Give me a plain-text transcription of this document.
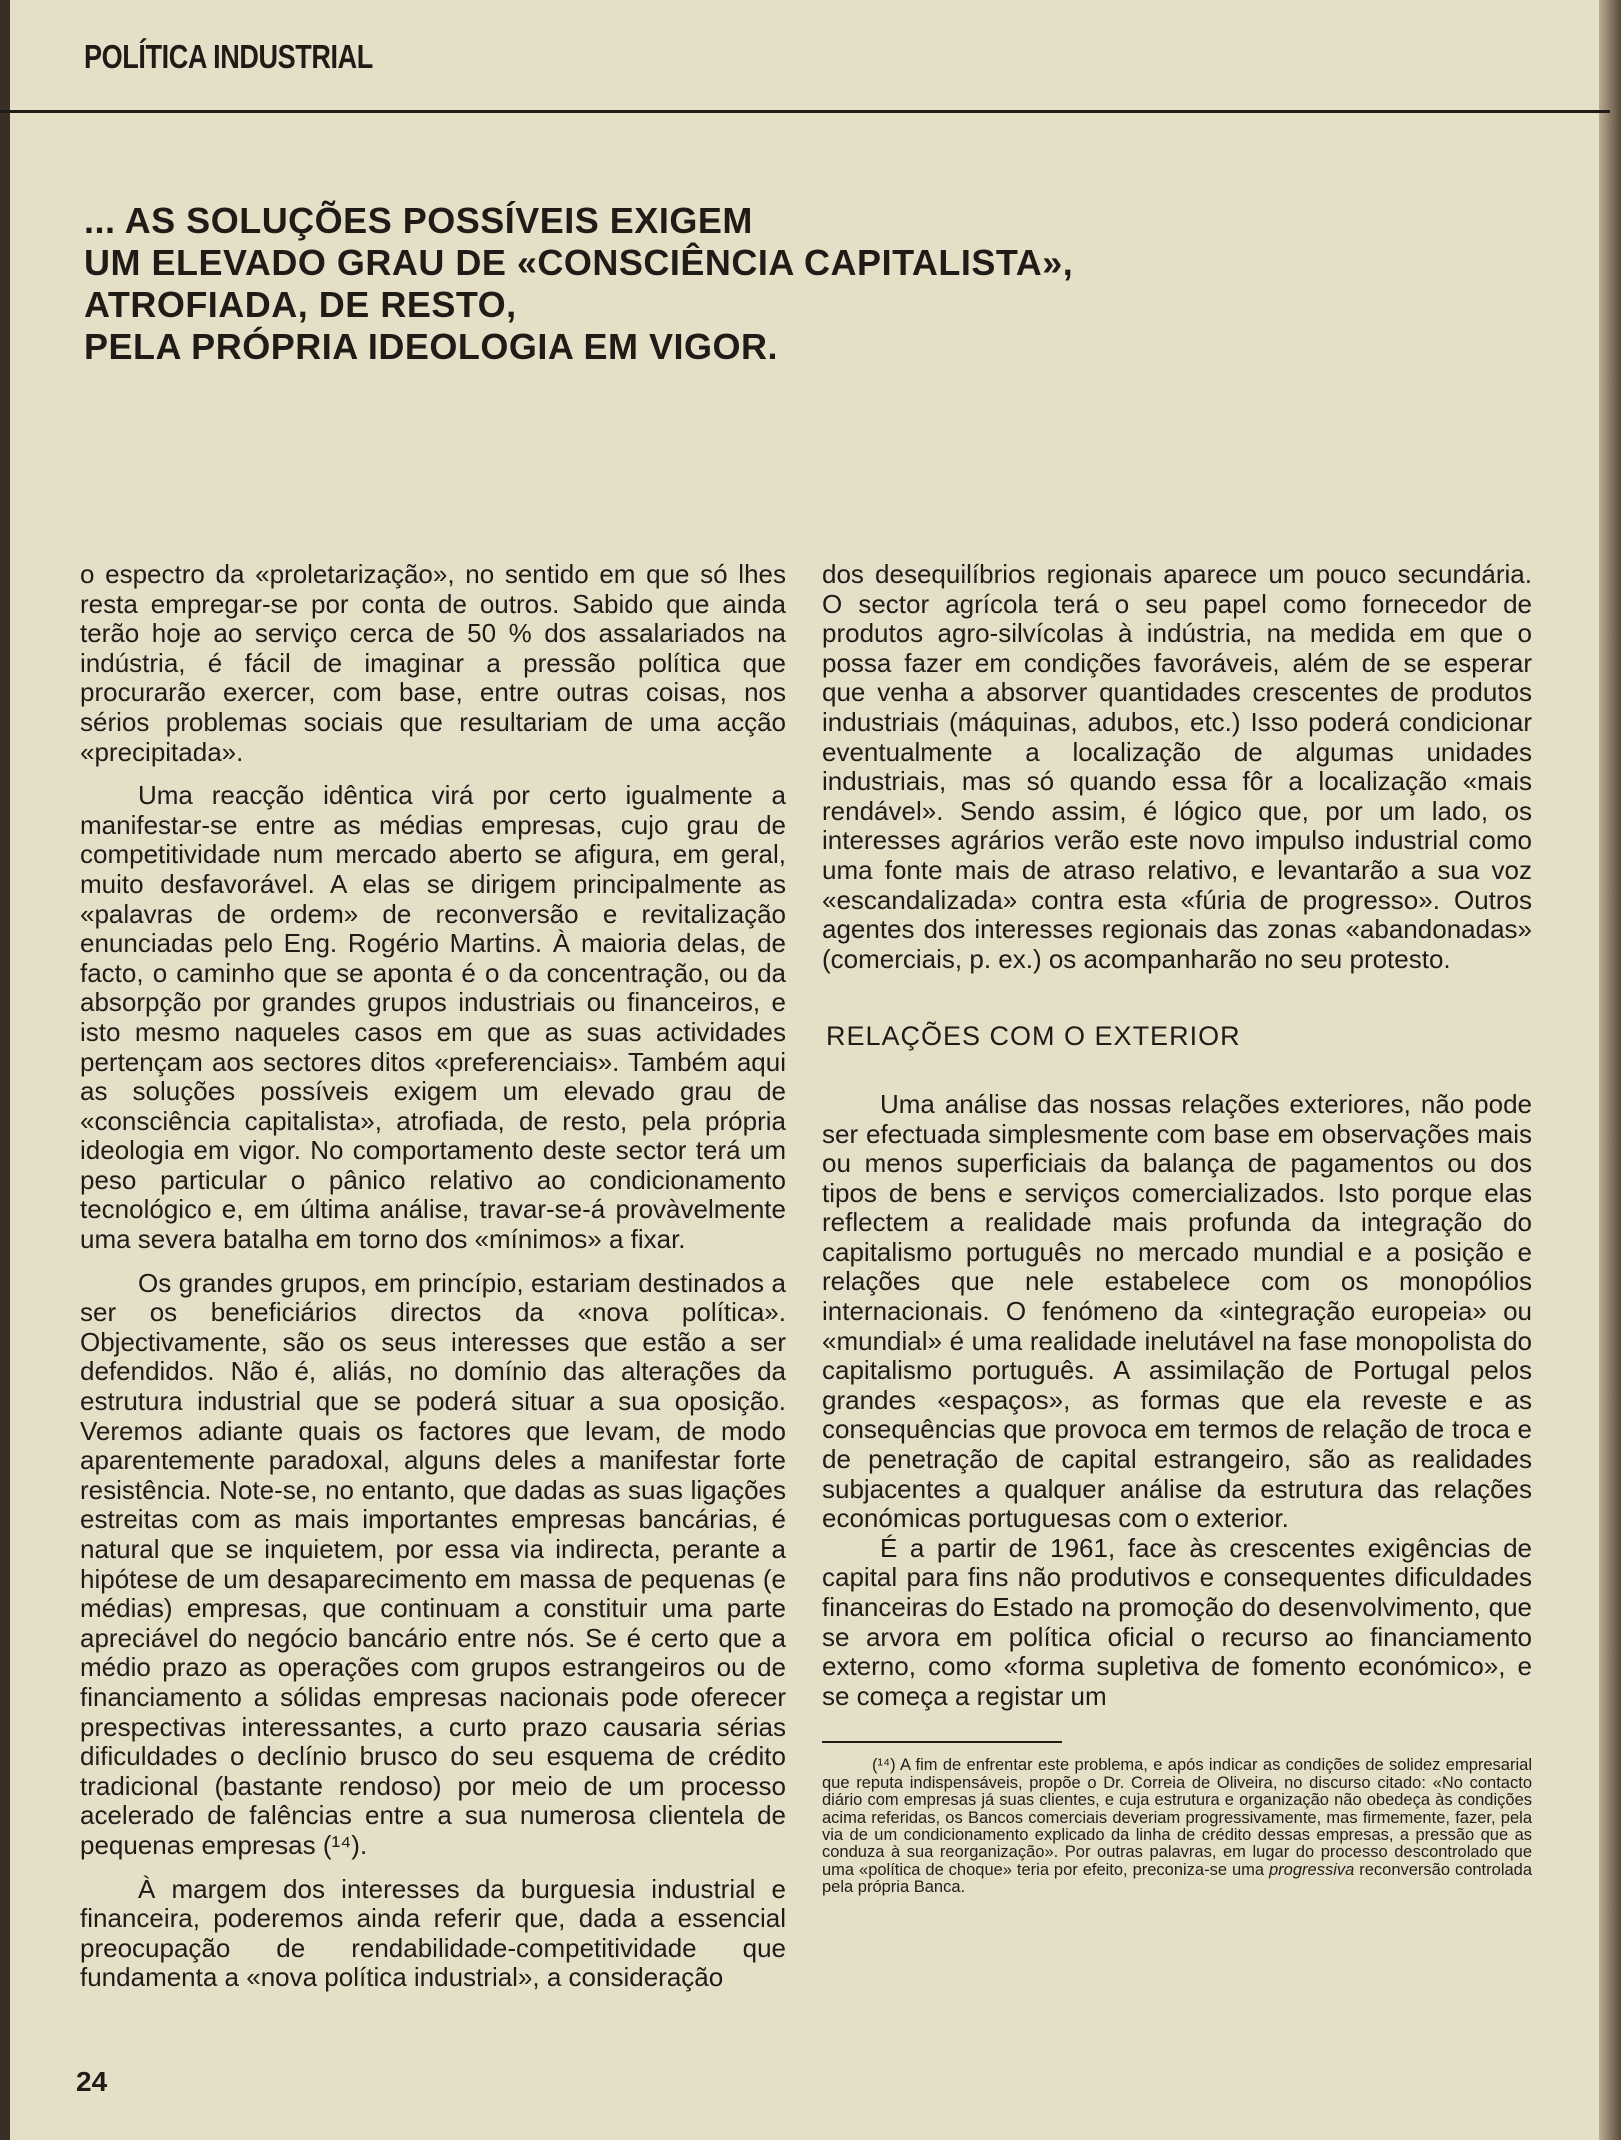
POLÍTICA INDUSTRIAL
... AS SOLUÇÕES POSSÍVEIS EXIGEM
UM ELEVADO GRAU DE «CONSCIÊNCIA CAPITALISTA»,
ATROFIADA, DE RESTO,
PELA PRÓPRIA IDEOLOGIA EM VIGOR.

o espectro da «proletarização», no sentido em que só lhes resta empregar-se por conta de outros. Sabido que ainda terão hoje ao serviço cerca de 50 % dos assalariados na indústria, é fácil de imaginar a pressão política que procurarão exercer, com base, entre outras coisas, nos sérios problemas sociais que resultariam de uma acção «precipitada».

Uma reacção idêntica virá por certo igualmente a manifestar-se entre as médias empresas, cujo grau de competitividade num mercado aberto se afigura, em geral, muito desfavorável. A elas se dirigem principalmente as «palavras de ordem» de reconversão e revitalização enunciadas pelo Eng. Rogério Martins. À maioria delas, de facto, o caminho que se aponta é o da concentração, ou da absorpção por grandes grupos industriais ou financeiros, e isto mesmo naqueles casos em que as suas actividades pertençam aos sectores ditos «preferenciais». Também aqui as soluções possíveis exigem um elevado grau de «consciência capitalista», atrofiada, de resto, pela própria ideologia em vigor. No comportamento deste sector terá um peso particular o pânico relativo ao condicionamento tecnológico e, em última análise, travar-se-á provàvelmente uma severa batalha em torno dos «mínimos» a fixar.

Os grandes grupos, em princípio, estariam destinados a ser os beneficiários directos da «nova política». Objectivamente, são os seus interesses que estão a ser defendidos. Não é, aliás, no domínio das alterações da estrutura industrial que se poderá situar a sua oposição. Veremos adiante quais os factores que levam, de modo aparentemente paradoxal, alguns deles a manifestar forte resistência. Note-se, no entanto, que dadas as suas ligações estreitas com as mais importantes empresas bancárias, é natural que se inquietem, por essa via indirecta, perante a hipótese de um desaparecimento em massa de pequenas (e médias) empresas, que continuam a constituir uma parte apreciável do negócio bancário entre nós. Se é certo que a médio prazo as operações com grupos estrangeiros ou de financiamento a sólidas empresas nacionais pode oferecer prespectivas interessantes, a curto prazo causaria sérias dificuldades o declínio brusco do seu esquema de crédito tradicional (bastante rendoso) por meio de um processo acelerado de falências entre a sua numerosa clientela de pequenas empresas (¹⁴).

À margem dos interesses da burguesia industrial e financeira, poderemos ainda referir que, dada a essencial preocupação de rendabilidade-competitividade que fundamenta a «nova política industrial», a consideração

dos desequilíbrios regionais aparece um pouco secundária. O sector agrícola terá o seu papel como fornecedor de produtos agro-silvícolas à indústria, na medida em que o possa fazer em condições favoráveis, além de se esperar que venha a absorver quantidades crescentes de produtos industriais (máquinas, adubos, etc.) Isso poderá condicionar eventualmente a localização de algumas unidades industriais, mas só quando essa fôr a localização «mais rendável». Sendo assim, é lógico que, por um lado, os interesses agrários verão este novo impulso industrial como uma fonte mais de atraso relativo, e levantarão a sua voz «escandalizada» contra esta «fúria de progresso». Outros agentes dos interesses regionais das zonas «abandonadas» (comerciais, p. ex.) os acompanharão no seu protesto.

RELAÇÕES COM O EXTERIOR

Uma análise das nossas relações exteriores, não pode ser efectuada simplesmente com base em observações mais ou menos superficiais da balança de pagamentos ou dos tipos de bens e serviços comercializados. Isto porque elas reflectem a realidade mais profunda da integração do capitalismo português no mercado mundial e a posição e relações que nele estabelece com os monopólios internacionais. O fenómeno da «integração europeia» ou «mundial» é uma realidade inelutável na fase monopolista do capitalismo português. A assimilação de Portugal pelos grandes «espaços», as formas que ela reveste e as consequências que provoca em termos de relação de troca e de penetração de capital estrangeiro, são as realidades subjacentes a qualquer análise da estrutura das relações económicas portuguesas com o exterior.

É a partir de 1961, face às crescentes exigências de capital para fins não produtivos e consequentes dificuldades financeiras do Estado na promoção do desenvolvimento, que se arvora em política oficial o recurso ao financiamento externo, como «forma supletiva de fomento económico», e se começa a registar um

(¹⁴) A fim de enfrentar este problema, e após indicar as condições de solidez empresarial que reputa indispensáveis, propõe o Dr. Correia de Oliveira, no discurso citado: «No contacto diário com empresas já suas clientes, e cuja estrutura e organização não obedeça às condições acima referidas, os Bancos comerciais deveriam progressivamente, mas firmemente, fazer, pela via de um condicionamento explicado da linha de crédito dessas empresas, a pressão que as conduza à sua reorganização». Por outras palavras, em lugar do processo descontrolado que uma «política de choque» teria por efeito, preconiza-se uma progressiva reconversão controlada pela própria Banca.
24
